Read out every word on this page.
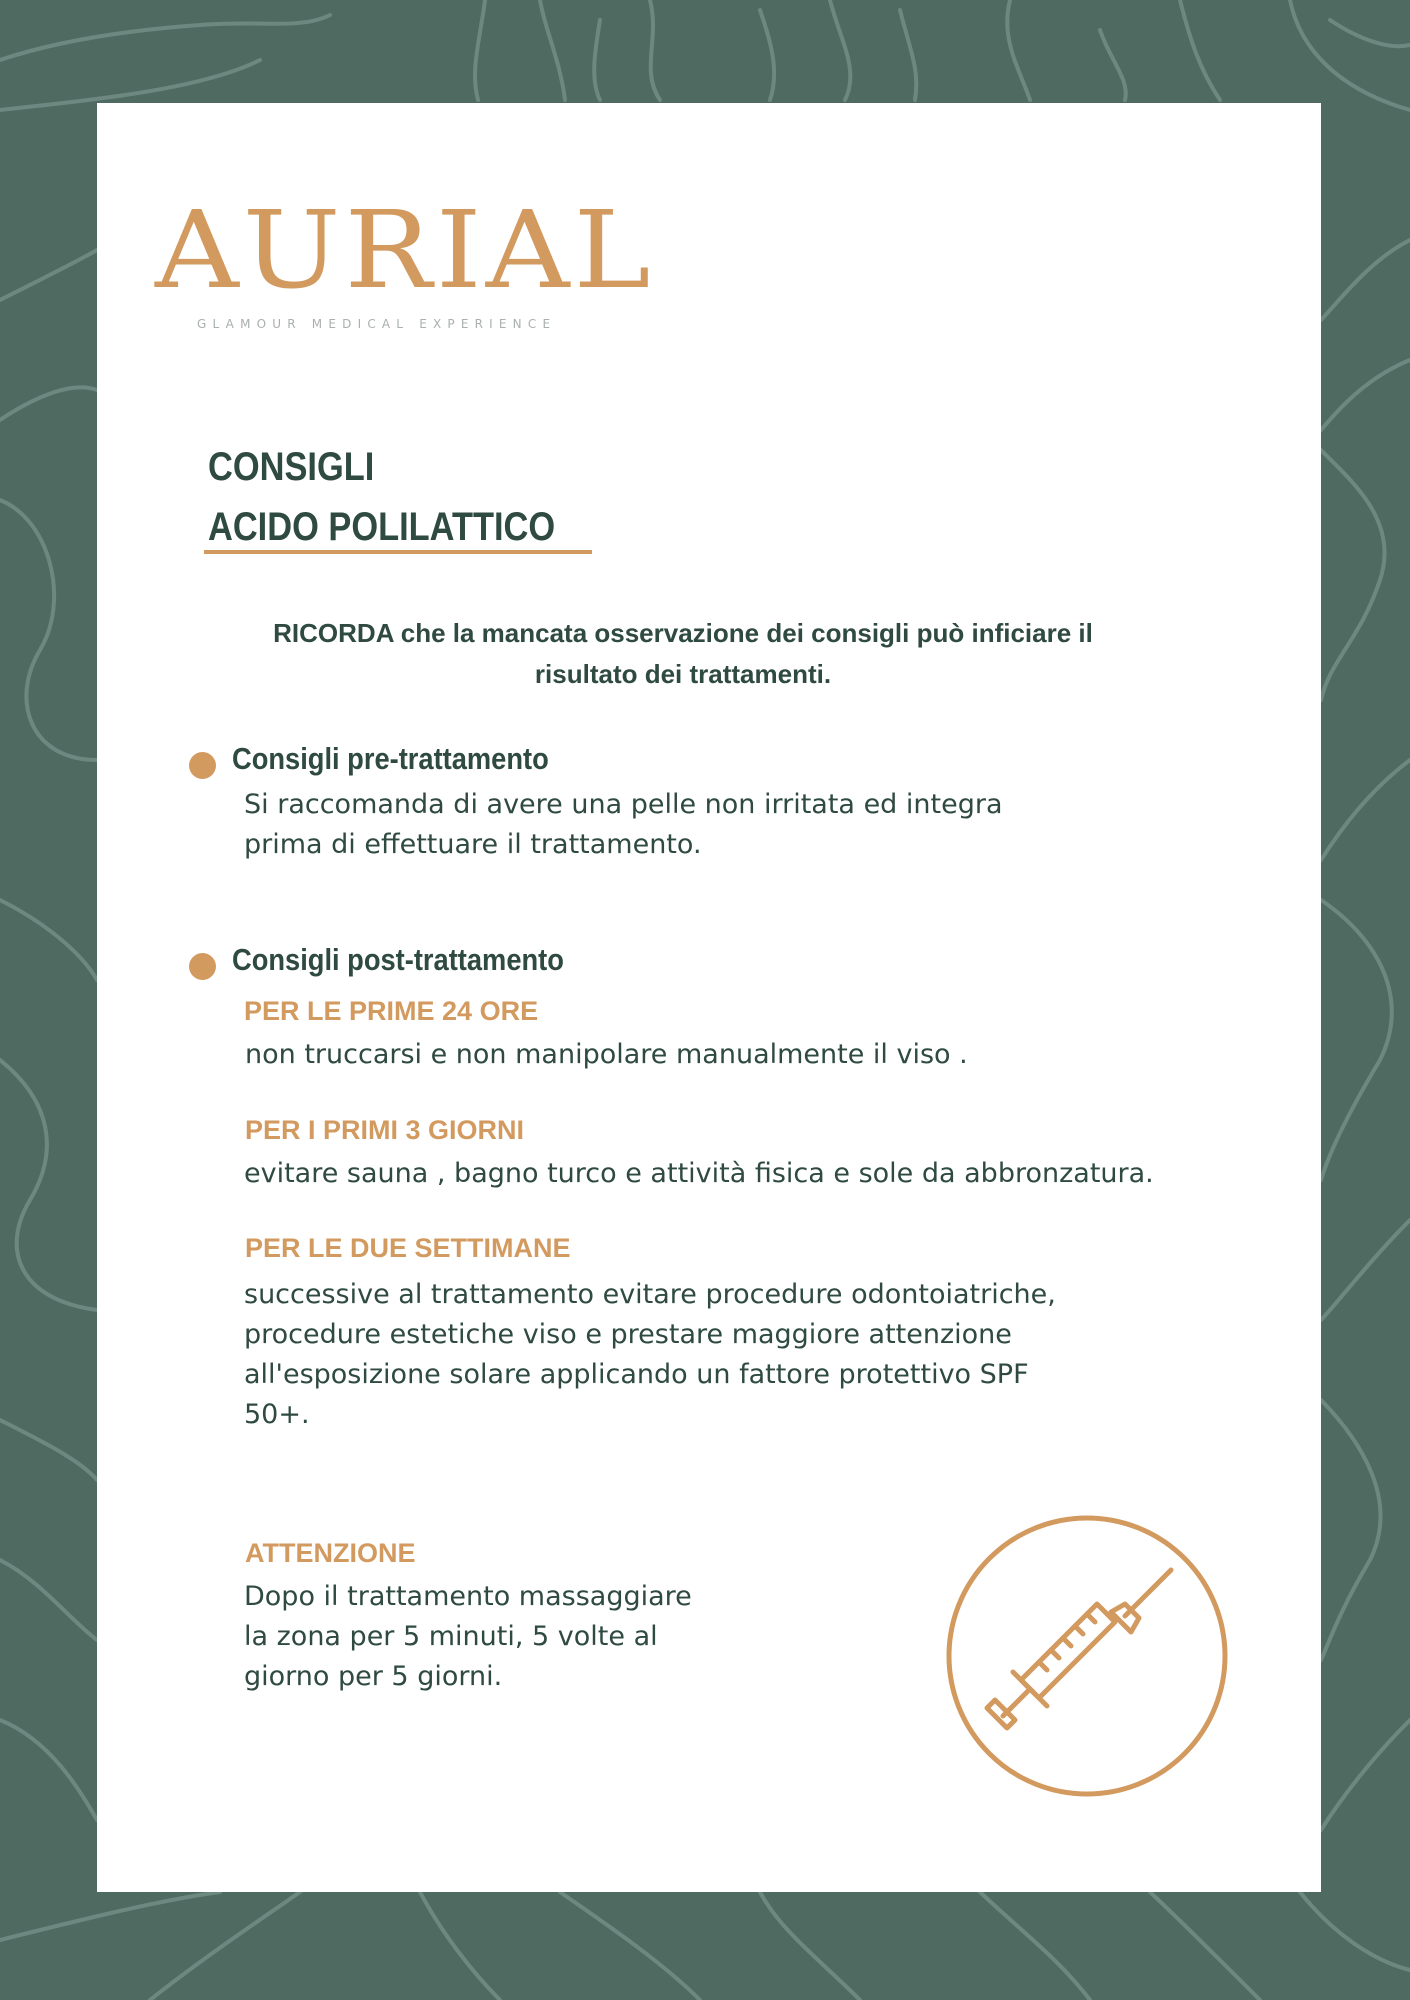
AURIAL
GLAMOUR MEDICAL EXPERIENCE
CONSIGLI
ACIDO POLILATTICO
RICORDA che la mancata osservazione dei consigli può inficiare il risultato dei trattamenti.
Consigli pre-trattamento
Si raccomanda di avere una pelle non irritata ed integra
prima di effettuare il trattamento.
Consigli post-trattamento
PER LE PRIME 24 ORE
non truccarsi e non manipolare manualmente il viso .
PER I PRIMI 3 GIORNI
evitare sauna , bagno turco e attività fisica e sole da abbronzatura.
PER LE DUE SETTIMANE
successive al trattamento evitare procedure odontoiatriche,
procedure estetiche viso e prestare maggiore attenzione
all'esposizione solare applicando un fattore protettivo SPF
50+.
ATTENZIONE
Dopo il trattamento massaggiare
la zona per 5 minuti, 5 volte al
giorno per 5 giorni.
